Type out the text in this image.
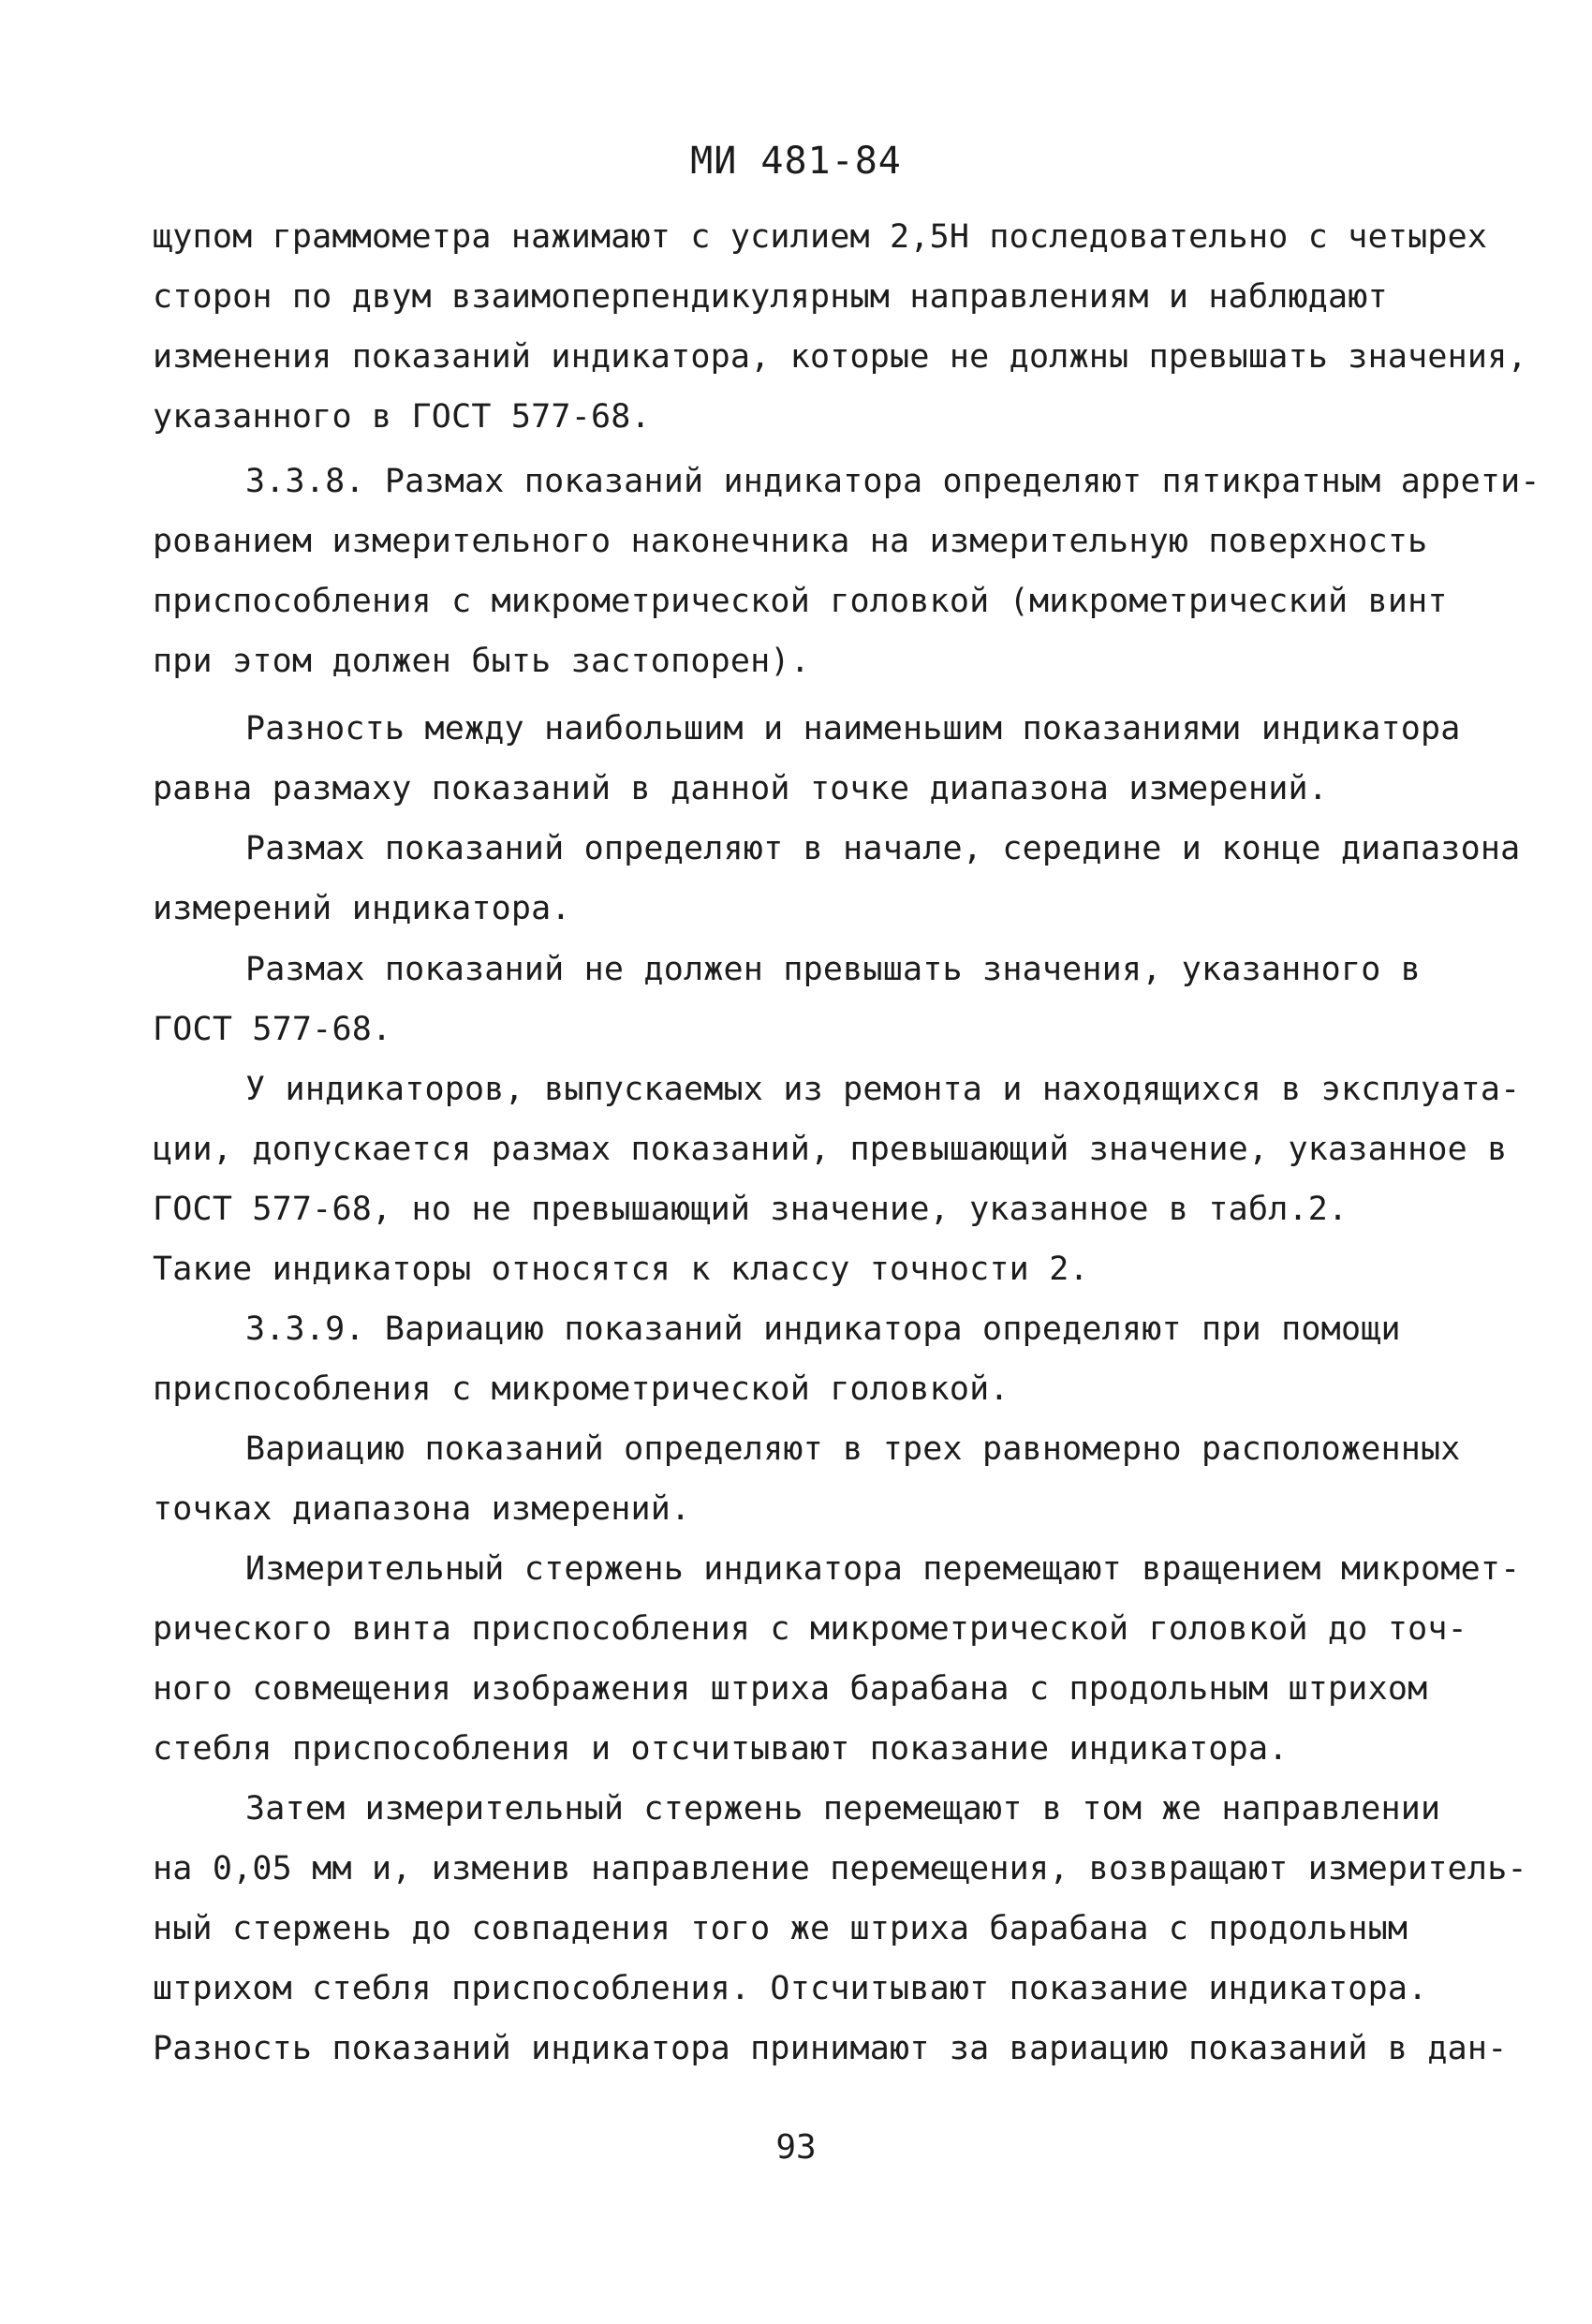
МИ 481-84
щупом граммометра нажимают с усилием 2,5Н последовательно с четырех
сторон по двум взаимоперпендикулярным направлениям и наблюдают
изменения показаний индикатора, которые не должны превышать значения,
указанного в ГОСТ 577-68.
3.3.8. Размах показаний индикатора определяют пятикратным аррети-
рованием измерительного наконечника на измерительную поверхность
приспособления с микрометрической головкой (микрометрический винт
при этом должен быть застопорен).
Разность между наибольшим и наименьшим показаниями индикатора
равна размаху показаний в данной точке диапазона измерений.
Размах показаний определяют в начале, середине и конце диапазона
измерений индикатора.
Размах показаний не должен превышать значения, указанного в
ГОСТ 577-68.
У индикаторов, выпускаемых из ремонта и находящихся в эксплуата-
ции, допускается размах показаний, превышающий значение, указанное в
ГОСТ 577-68, но не превышающий значение, указанное в табл.2.
Такие индикаторы относятся к классу точности 2.
3.3.9. Вариацию показаний индикатора определяют при помощи
приспособления с микрометрической головкой.
Вариацию показаний определяют в трех равномерно расположенных
точках диапазона измерений.
Измерительный стержень индикатора перемещают вращением микромет-
рического винта приспособления с микрометрической головкой до точ-
ного совмещения изображения штриха барабана с продольным штрихом
стебля приспособления и отсчитывают показание индикатора.
Затем измерительный стержень перемещают в том же направлении
на 0,05 мм и, изменив направление перемещения, возвращают измеритель-
ный стержень до совпадения того же штриха барабана с продольным
штрихом стебля приспособления. Отсчитывают показание индикатора.
Разность показаний индикатора принимают за вариацию показаний в дан-
93
